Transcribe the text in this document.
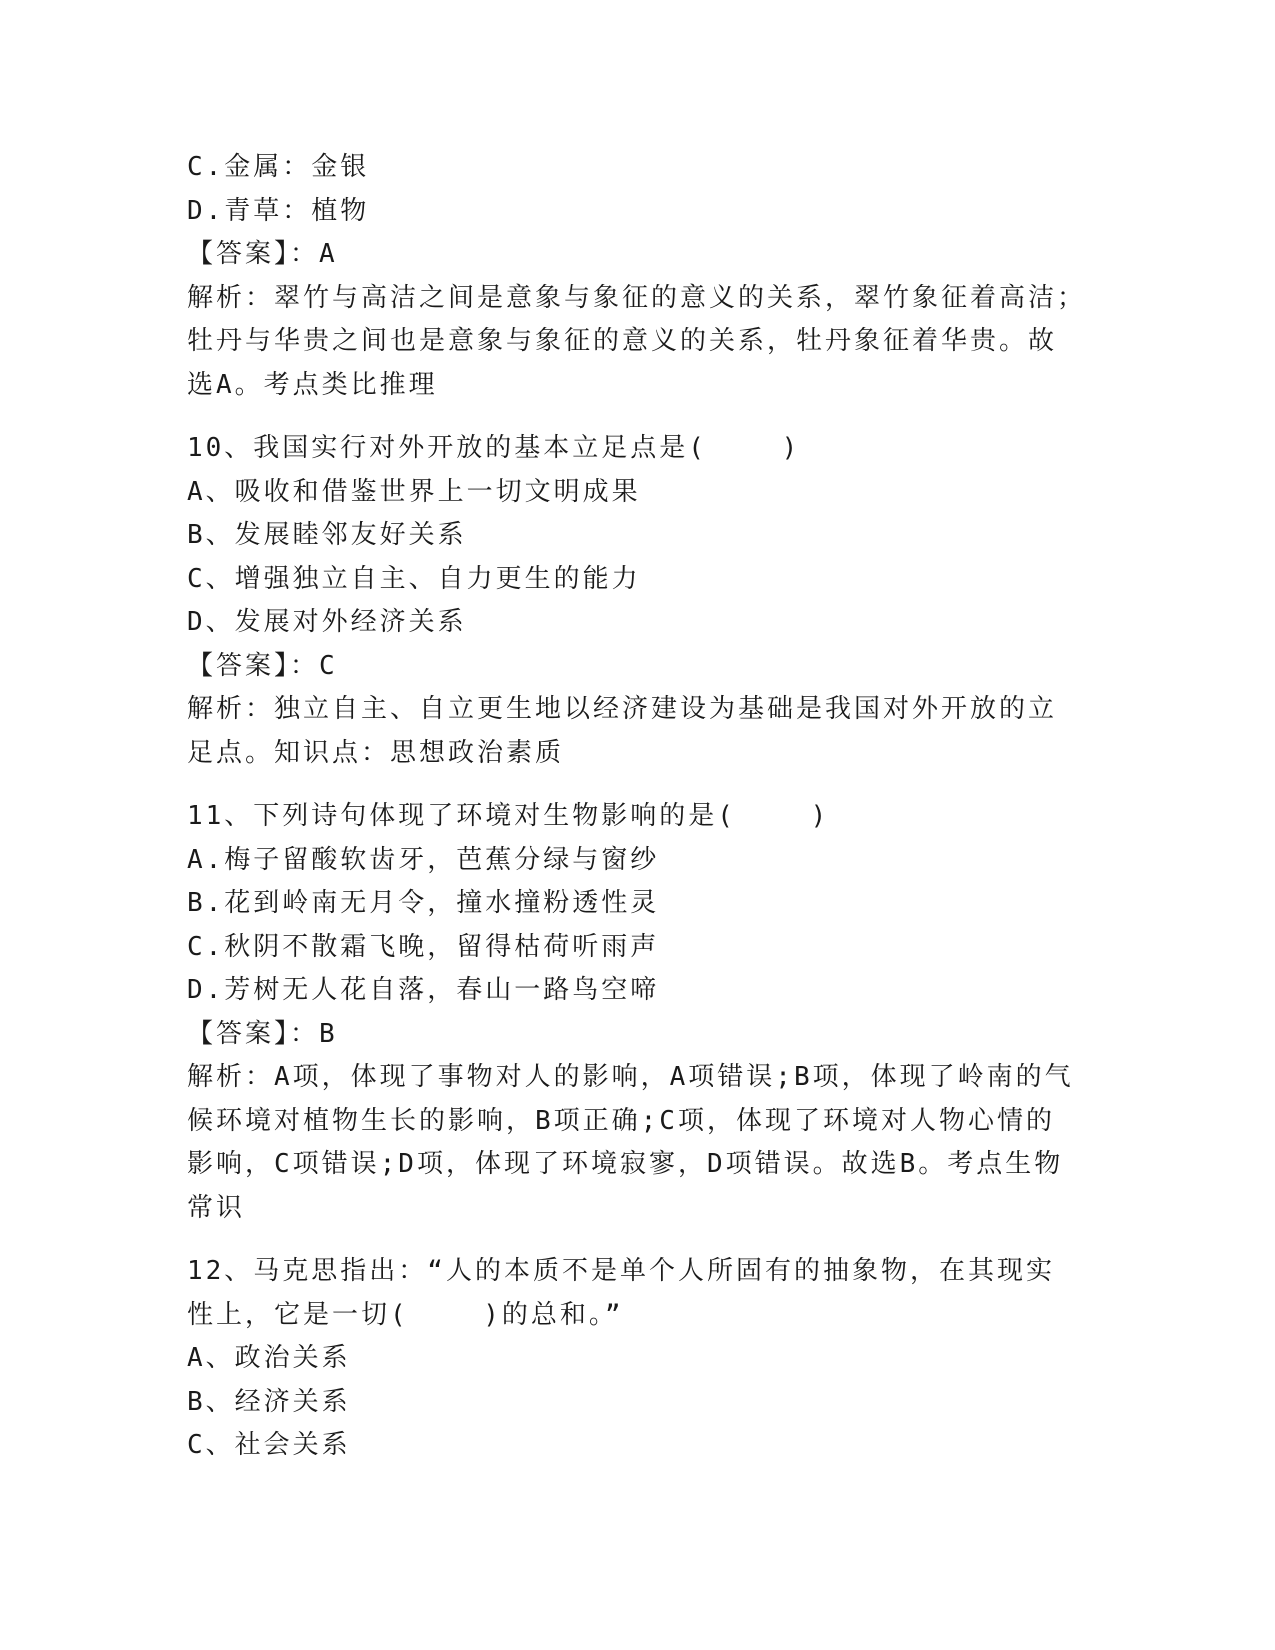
C.金属：金银
D.青草：植物
【答案】：A
解析：翠竹与高洁之间是意象与象征的意义的关系，翠竹象征着高洁；
牡丹与华贵之间也是意象与象征的意义的关系，牡丹象征着华贵。故
选A。考点类比推理
10、我国实行对外开放的基本立足点是(    )
A、吸收和借鉴世界上一切文明成果
B、发展睦邻友好关系
C、增强独立自主、自力更生的能力
D、发展对外经济关系
【答案】：C
解析：独立自主、自立更生地以经济建设为基础是我国对外开放的立
足点。知识点：思想政治素质
11、下列诗句体现了环境对生物影响的是(    )
A.梅子留酸软齿牙，芭蕉分绿与窗纱
B.花到岭南无月令，撞水撞粉透性灵
C.秋阴不散霜飞晚，留得枯荷听雨声
D.芳树无人花自落，春山一路鸟空啼
【答案】：B
解析：A项，体现了事物对人的影响，A项错误;B项，体现了岭南的气
候环境对植物生长的影响，B项正确;C项，体现了环境对人物心情的
影响，C项错误;D项，体现了环境寂寥，D项错误。故选B。考点生物
常识
12、马克思指出：“人的本质不是单个人所固有的抽象物，在其现实
性上，它是一切(    )的总和。”
A、政治关系
B、经济关系
C、社会关系
